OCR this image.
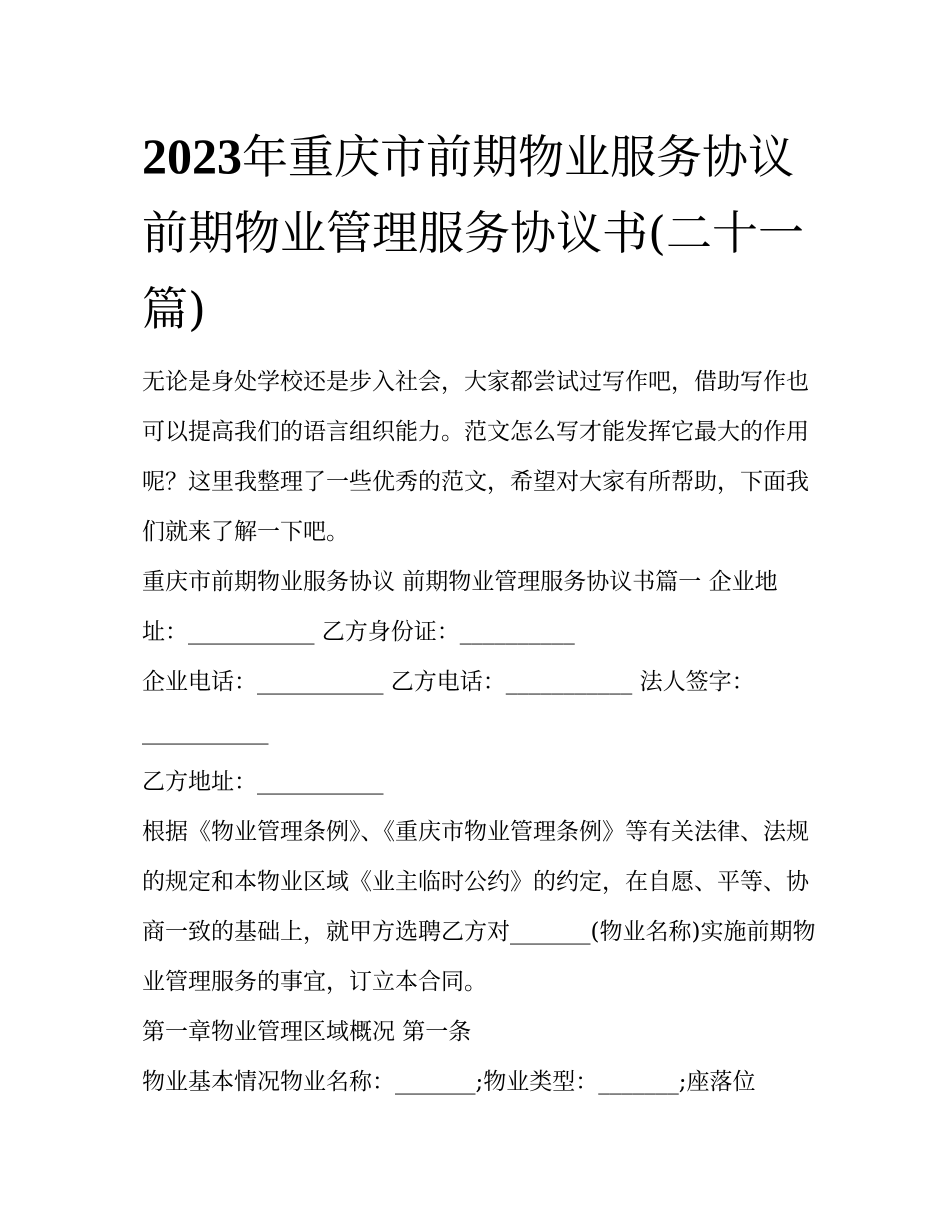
2023年重庆市前期物业服务协议 前期物业管理服务协议书(二十一篇)

无论是身处学校还是步入社会，大家都尝试过写作吧，借助写作也可以提高我们的语言组织能力。范文怎么写才能发挥它最大的作用呢？这里我整理了一些优秀的范文，希望对大家有所帮助，下面我们就来了解一下吧。

重庆市前期物业服务协议 前期物业管理服务协议书篇一 企业地址：___________ 乙方身份证：__________

企业电话：___________ 乙方电话：___________ 法人签字：___________

乙方地址：___________

根据《物业管理条例》、《重庆市物业管理条例》等有关法律、法规的规定和本物业区域《业主临时公约》的约定，在自愿、平等、协商一致的基础上，就甲方选聘乙方对_______(物业名称)实施前期物业管理服务的事宜，订立本合同。

第一章物业管理区域概况 第一条

物业基本情况物业名称：_______;物业类型：_______;座落位
